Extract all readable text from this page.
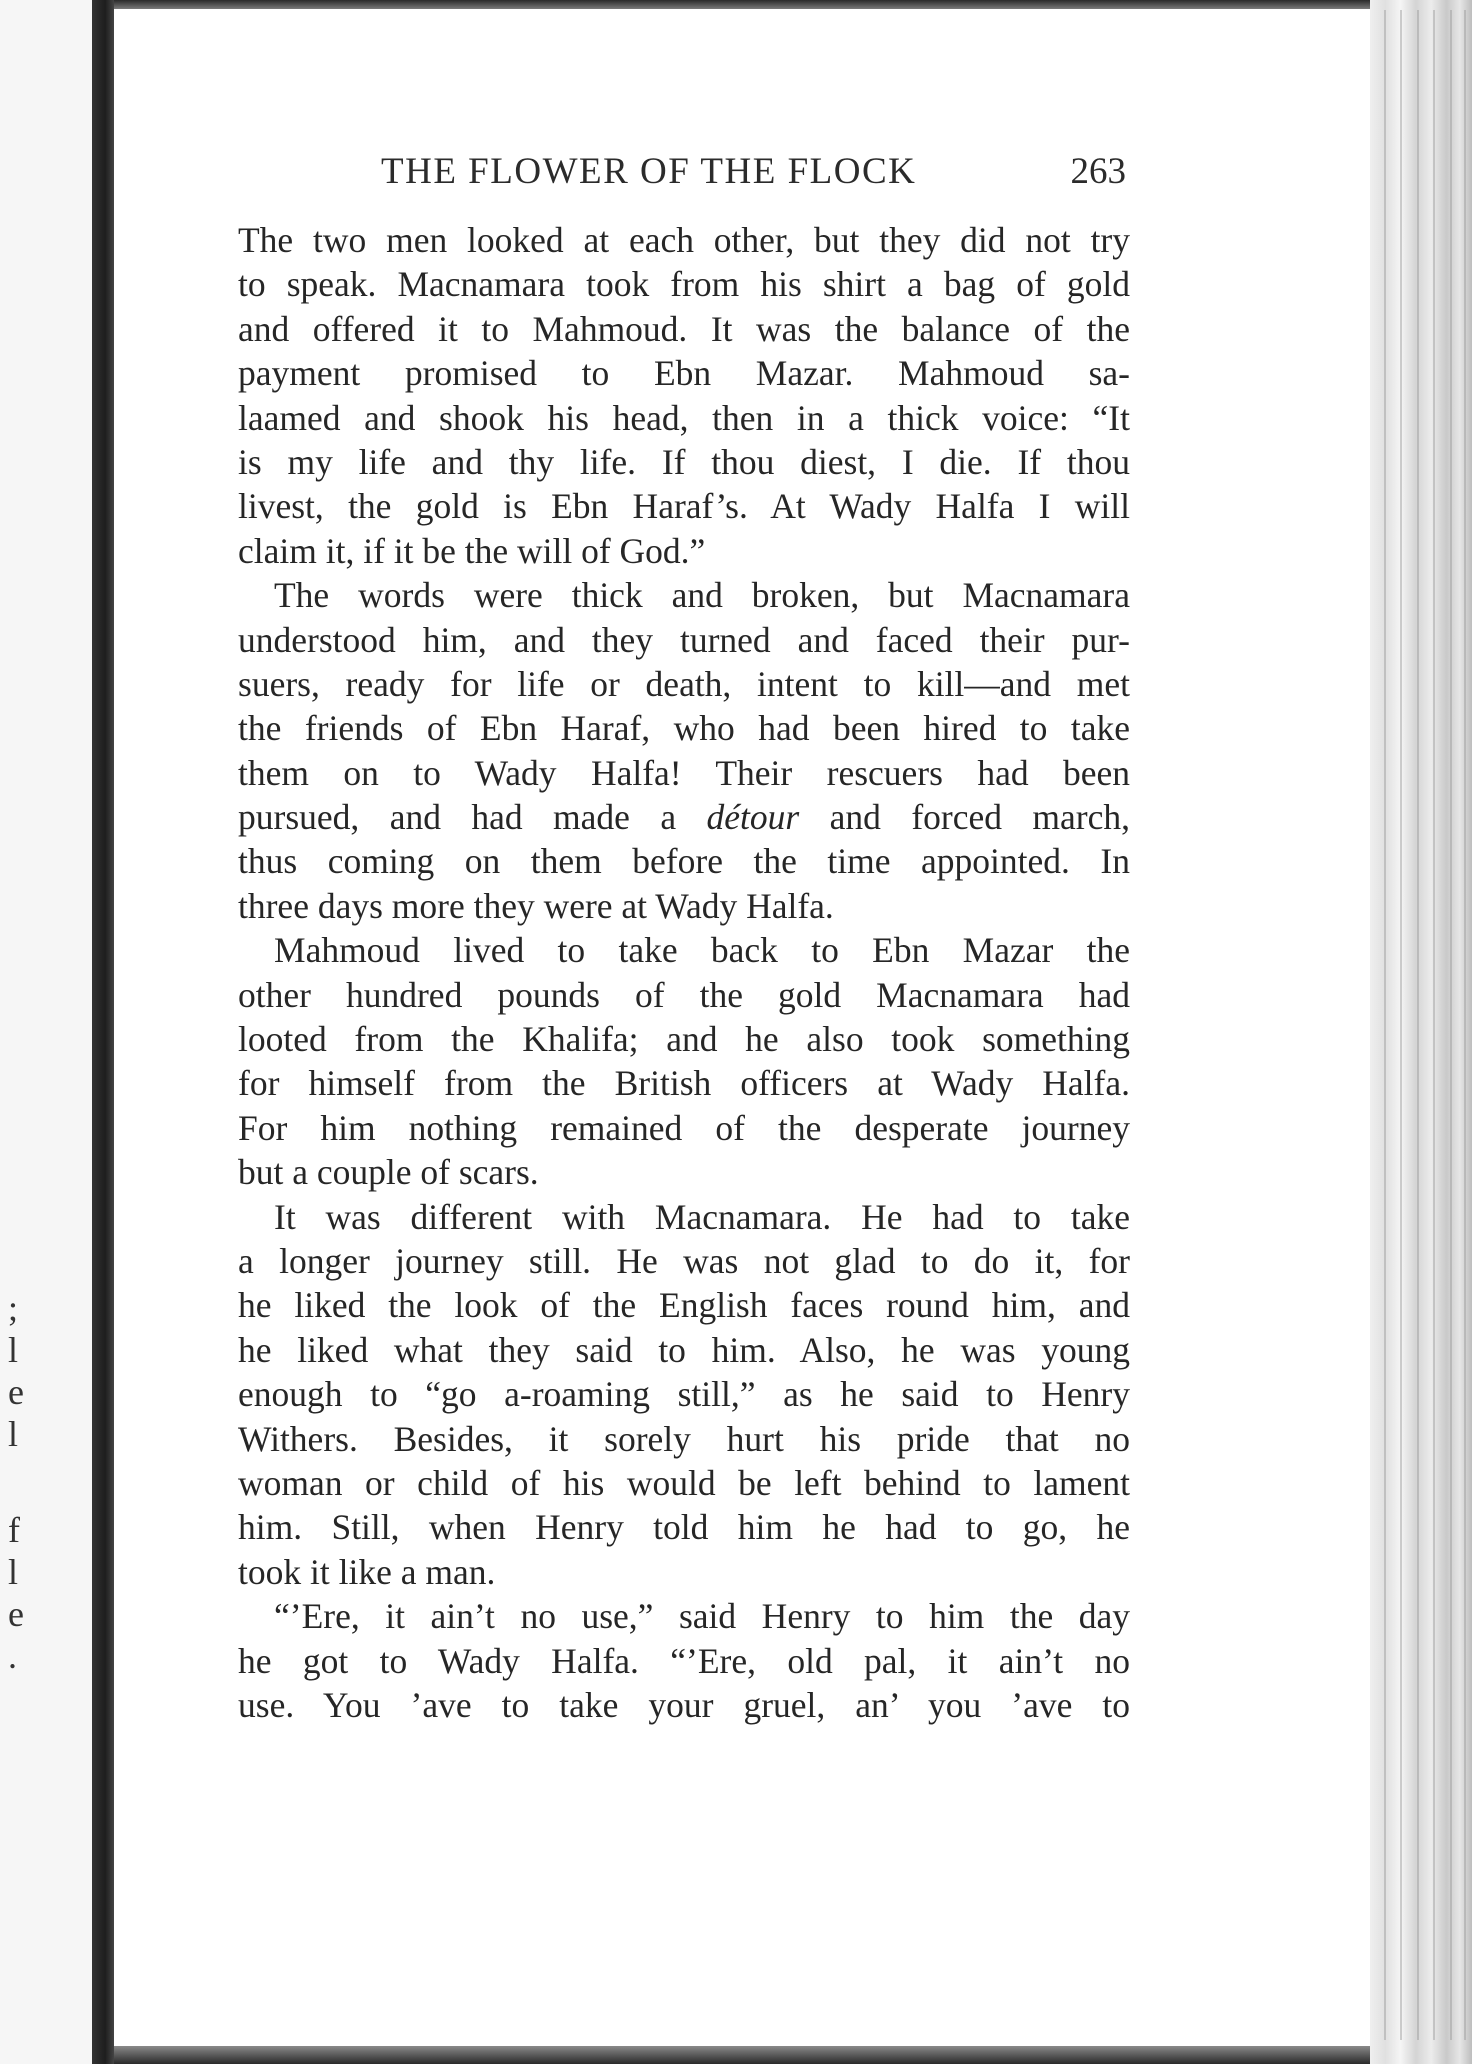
;
l
e
l
f
l
e
.
THE FLOWER OF THE FLOCK	263
The two men looked at each other, but they did not try
to speak. Macnamara took from his shirt a bag of gold
and offered it to Mahmoud. It was the balance of the
payment promised to Ebn Mazar. Mahmoud sa-
laamed and shook his head, then in a thick voice: “It
is my life and thy life. If thou diest, I die. If thou
livest, the gold is Ebn Haraf’s. At Wady Halfa I will
claim it, if it be the will of God.”
The words were thick and broken, but Macnamara
understood him, and they turned and faced their pur-
suers, ready for life or death, intent to kill—and met
the friends of Ebn Haraf, who had been hired to take
them on to Wady Halfa! Their rescuers had been
pursued, and had made a détour and forced march,
thus coming on them before the time appointed. In
three days more they were at Wady Halfa.
Mahmoud lived to take back to Ebn Mazar the
other hundred pounds of the gold Macnamara had
looted from the Khalifa; and he also took something
for himself from the British officers at Wady Halfa.
For him nothing remained of the desperate journey
but a couple of scars.
It was different with Macnamara. He had to take
a longer journey still. He was not glad to do it, for
he liked the look of the English faces round him, and
he liked what they said to him. Also, he was young
enough to “go a-roaming still,” as he said to Henry
Withers. Besides, it sorely hurt his pride that no
woman or child of his would be left behind to lament
him. Still, when Henry told him he had to go, he
took it like a man.
“’Ere, it ain’t no use,” said Henry to him the day
he got to Wady Halfa. “’Ere, old pal, it ain’t no
use. You ’ave to take your gruel, an’ you ’ave to
